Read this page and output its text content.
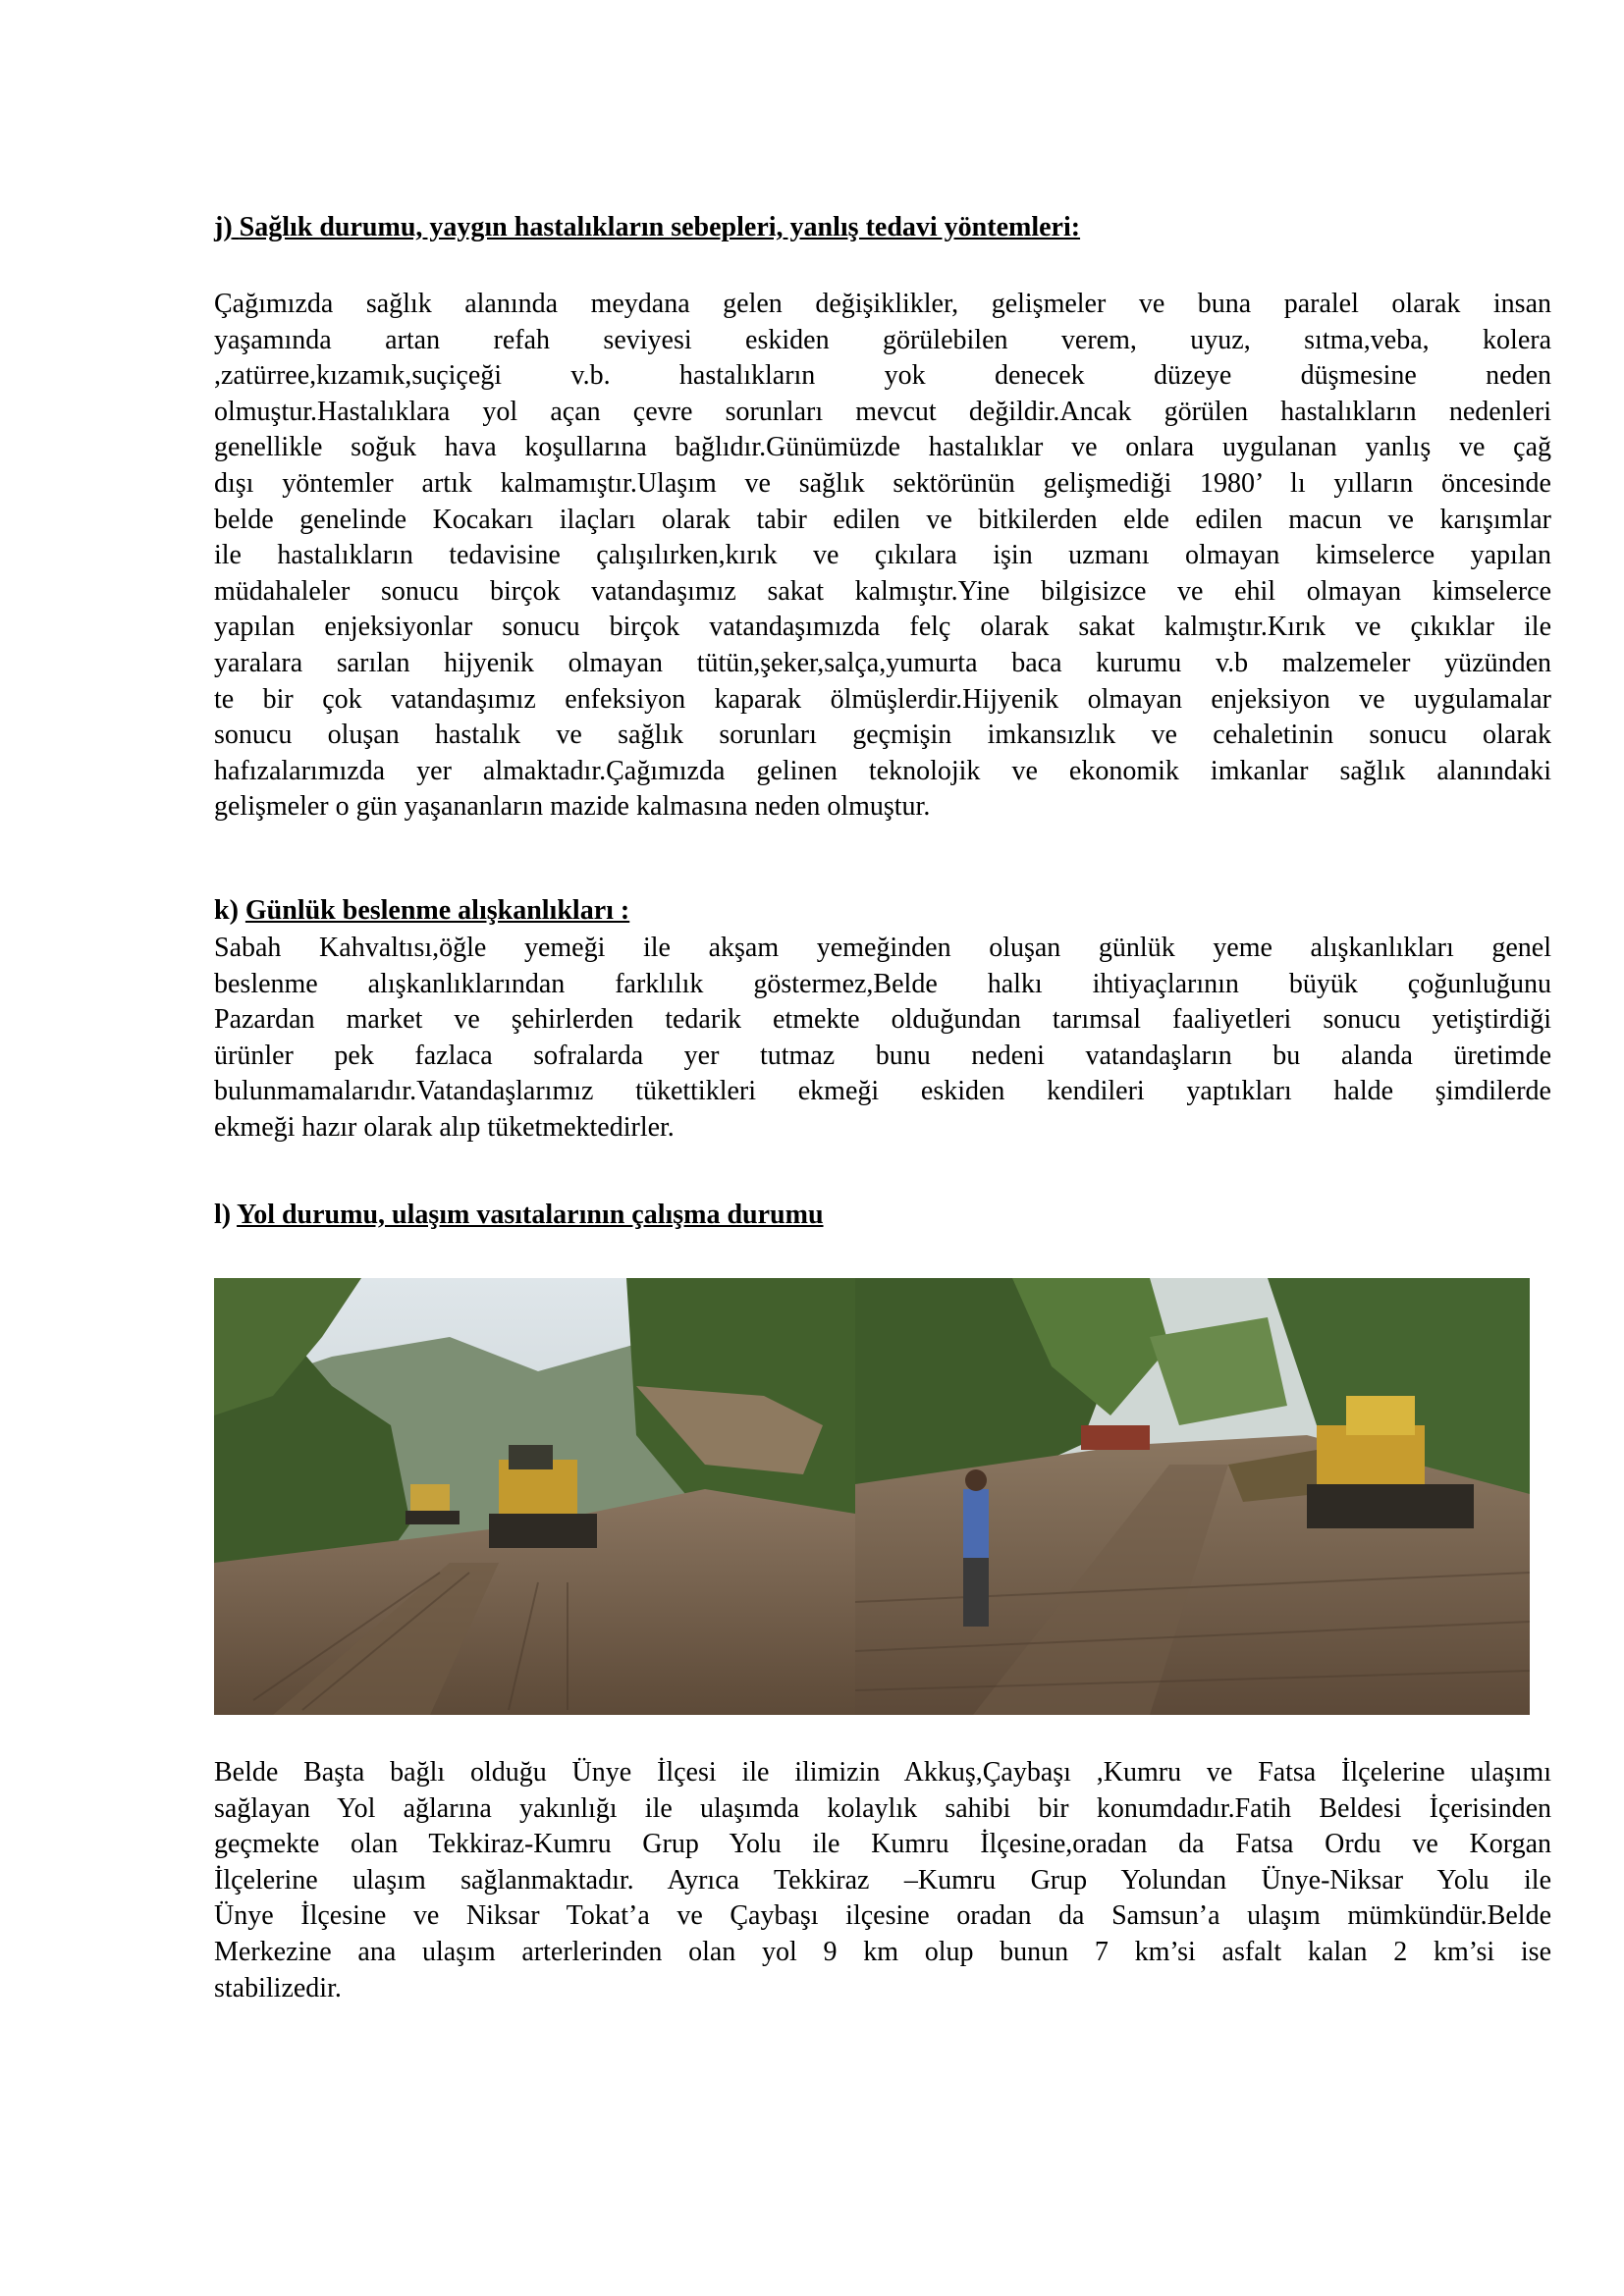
j) Sağlık durumu, yaygın hastalıkların sebepleri, yanlış tedavi yöntemleri:
Çağımızda sağlık alanında meydana gelen değişiklikler, gelişmeler ve buna paralel olarak insan
yaşamında artan refah seviyesi eskiden görülebilen verem, uyuz, sıtma,veba, kolera
,zatürree,kızamık,suçiçeği v.b. hastalıkların yok denecek düzeye düşmesine neden
olmuştur.Hastalıklara yol açan çevre sorunları mevcut değildir.Ancak görülen hastalıkların nedenleri
genellikle soğuk hava koşullarına bağlıdır.Günümüzde hastalıklar ve onlara uygulanan yanlış ve çağ
dışı yöntemler artık kalmamıştır.Ulaşım ve sağlık sektörünün gelişmediği 1980’ lı yılların öncesinde
belde genelinde Kocakarı ilaçları olarak tabir edilen ve bitkilerden elde edilen macun ve karışımlar
ile hastalıkların tedavisine çalışılırken,kırık ve çıkılara işin uzmanı olmayan kimselerce yapılan
müdahaleler sonucu birçok vatandaşımız sakat kalmıştır.Yine bilgisizce ve ehil olmayan kimselerce
yapılan enjeksiyonlar sonucu birçok vatandaşımızda felç olarak sakat kalmıştır.Kırık ve çıkıklar ile
yaralara sarılan hijyenik olmayan tütün,şeker,salça,yumurta baca kurumu v.b malzemeler yüzünden
te bir çok vatandaşımız enfeksiyon kaparak ölmüşlerdir.Hijyenik olmayan enjeksiyon ve uygulamalar
sonucu oluşan hastalık ve sağlık sorunları geçmişin imkansızlık ve cehaletinin sonucu olarak
hafızalarımızda yer almaktadır.Çağımızda gelinen teknolojik ve ekonomik imkanlar sağlık alanındaki
gelişmeler o gün yaşananların mazide kalmasına neden olmuştur.
k) Günlük beslenme alışkanlıkları :
Sabah Kahvaltısı,öğle yemeği ile akşam yemeğinden oluşan günlük yeme alışkanlıkları genel
beslenme alışkanlıklarından farklılık göstermez,Belde halkı ihtiyaçlarının büyük çoğunluğunu
Pazardan market ve şehirlerden tedarik etmekte olduğundan tarımsal faaliyetleri sonucu yetiştirdiği
ürünler pek fazlaca sofralarda yer tutmaz bunu nedeni vatandaşların bu alanda üretimde
bulunmamalarıdır.Vatandaşlarımız tükettikleri ekmeği eskiden kendileri yaptıkları halde şimdilerde
ekmeği hazır olarak alıp tüketmektedirler.
l) Yol durumu, ulaşım vasıtalarının çalışma durumu
Belde Başta bağlı olduğu Ünye İlçesi ile ilimizin Akkuş,Çaybaşı ,Kumru ve Fatsa İlçelerine ulaşımı
sağlayan Yol ağlarına yakınlığı ile ulaşımda kolaylık sahibi bir konumdadır.Fatih Beldesi İçerisinden
geçmekte olan Tekkiraz-Kumru Grup Yolu ile Kumru İlçesine,oradan da Fatsa Ordu ve Korgan
İlçelerine ulaşım sağlanmaktadır. Ayrıca Tekkiraz –Kumru Grup Yolundan Ünye-Niksar Yolu ile
Ünye İlçesine ve Niksar Tokat’a ve Çaybaşı ilçesine oradan da Samsun’a ulaşım mümkündür.Belde
Merkezine ana ulaşım arterlerinden olan yol 9 km olup bunun 7 km’si asfalt kalan 2 km’si ise
stabilizedir.
